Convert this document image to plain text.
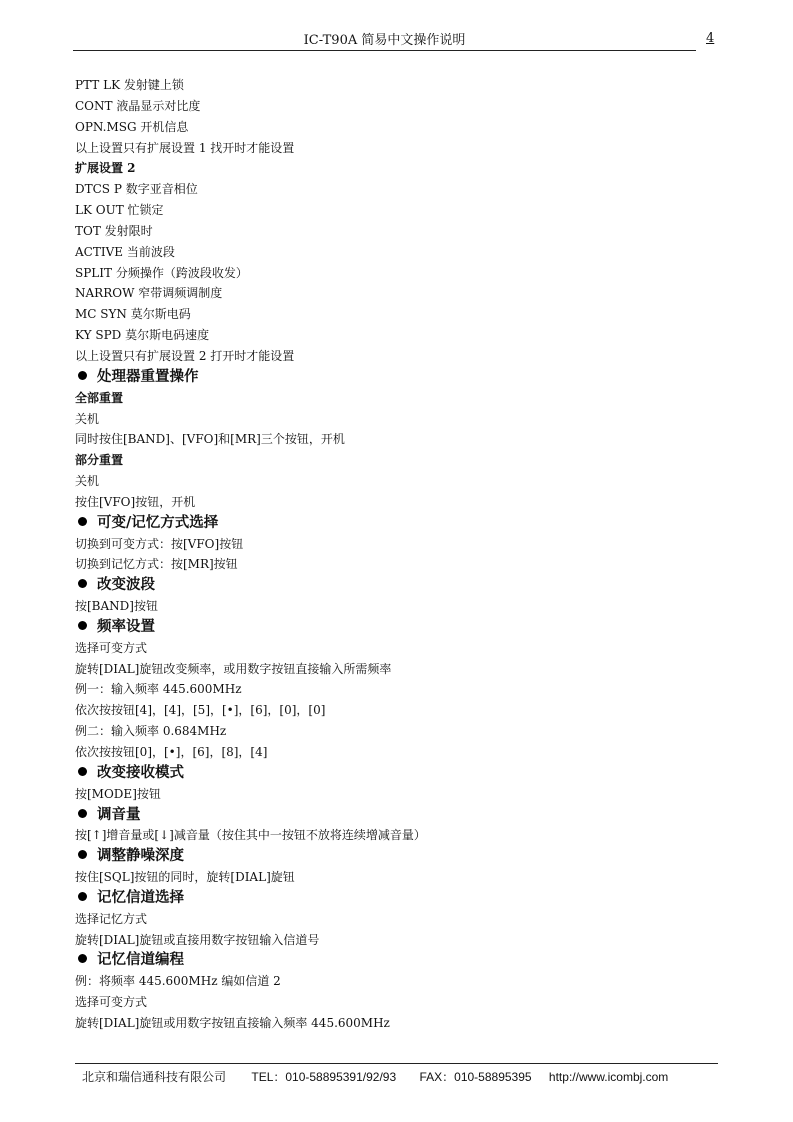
IC-T90A 简易中文操作说明	4
PTT LK 发射键上锁
CONT 液晶显示对比度
OPN.MSG 开机信息
以上设置只有扩展设置 1 找开时才能设置
扩展设置 2
DTCS P 数字亚音相位
LK OUT 忙锁定
TOT 发射限时
ACTIVE 当前波段
SPLIT 分频操作（跨波段收发）
NARROW 窄带调频调制度
MC SYN 莫尔斯电码
KY SPD 莫尔斯电码速度
以上设置只有扩展设置 2 打开时才能设置
处理器重置操作
全部重置
关机
同时按住[BAND]、[VFO]和[MR]三个按钮，开机
部分重置
关机
按住[VFO]按钮，开机
可变/记忆方式选择
切换到可变方式：按[VFO]按钮
切换到记忆方式：按[MR]按钮
改变波段
按[BAND]按钮
频率设置
选择可变方式
旋转[DIAL]旋钮改变频率，或用数字按钮直接输入所需频率
例一：输入频率 445.600MHz
依次按按钮[4]，[4]，[5]，[•]，[6]，[0]，[0]
例二：输入频率 0.684MHz
依次按按钮[0]，[•]，[6]，[8]，[4]
改变接收模式
按[MODE]按钮
调音量
按[↑]增音量或[↓]减音量（按住其中一按钮不放将连续增减音量）
调整静噪深度
按住[SQL]按钮的同时，旋转[DIAL]旋钮
记忆信道选择
选择记忆方式
旋转[DIAL]旋钮或直接用数字按钮输入信道号
记忆信道编程
例：将频率 445.600MHz 编如信道 2
选择可变方式
旋转[DIAL]旋钮或用数字按钮直接输入频率 445.600MHz
北京和瑞信通科技有限公司 TEL：010-58895391/92/93 FAX：010-58895395 http://www.icombj.com
